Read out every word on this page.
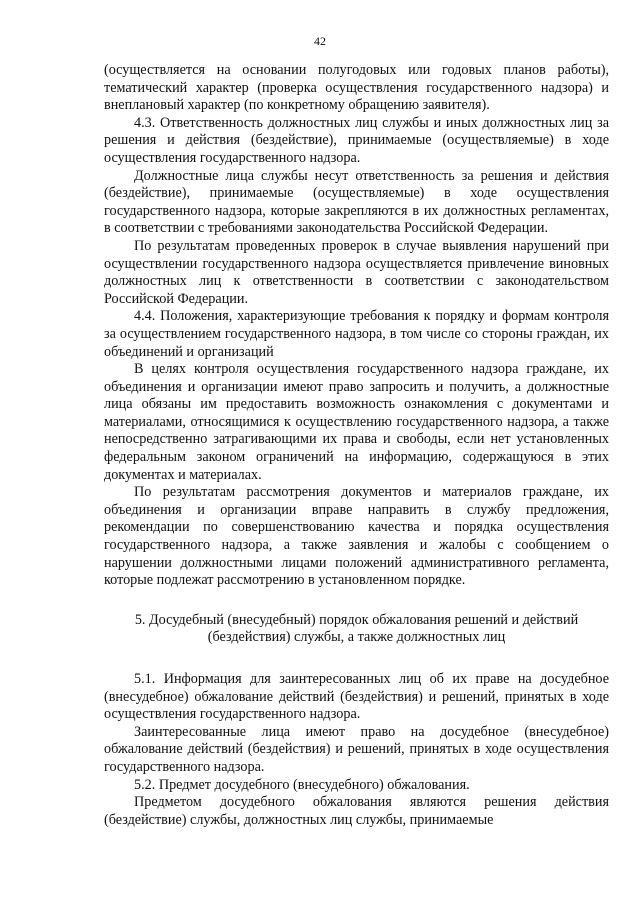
42

(осуществляется на основании полугодовых или годовых планов работы), тематический характер (проверка осуществления государственного надзора) и внеплановый характер (по конкретному обращению заявителя).

4.3. Ответственность должностных лиц службы и иных должностных лиц за решения и действия (бездействие), принимаемые (осуществляемые) в ходе осуществления государственного надзора.

Должностные лица службы несут ответственность за решения и действия (бездействие), принимаемые (осуществляемые) в ходе осуществления государственного надзора, которые закрепляются в их должностных регламентах, в соответствии с требованиями законодательства Российской Федерации.

По результатам проведенных проверок в случае выявления нарушений при осуществлении государственного надзора осуществляется привлечение виновных должностных лиц к ответственности в соответствии с законодательством Российской Федерации.

4.4. Положения, характеризующие требования к порядку и формам контроля за осуществлением государственного надзора, в том числе со стороны граждан, их объединений и организаций

В целях контроля осуществления государственного надзора граждане, их объединения и организации имеют право запросить и получить, а должностные лица обязаны им предоставить возможность ознакомления с документами и материалами, относящимися к осуществлению государственного надзора, а также непосредственно затрагивающими их права и свободы, если нет установленных федеральным законом ограничений на информацию, содержащуюся в этих документах и материалах.

По результатам рассмотрения документов и материалов граждане, их объединения и организации вправе направить в службу предложения, рекомендации по совершенствованию качества и порядка осуществления государственного надзора, а также заявления и жалобы с сообщением о нарушении должностными лицами положений административного регламента, которые подлежат рассмотрению в установленном порядке.

5. Досудебный (внесудебный) порядок обжалования решений и действий (бездействия) службы, а также должностных лиц

5.1. Информация для заинтересованных лиц об их праве на досудебное (внесудебное) обжалование действий (бездействия) и решений, принятых в ходе осуществления государственного надзора.

Заинтересованные лица имеют право на досудебное (внесудебное) обжалование действий (бездействия) и решений, принятых в ходе осуществления государственного надзора.

5.2. Предмет досудебного (внесудебного) обжалования.

Предметом досудебного обжалования являются решения действия (бездействие) службы, должностных лиц службы, принимаемые
